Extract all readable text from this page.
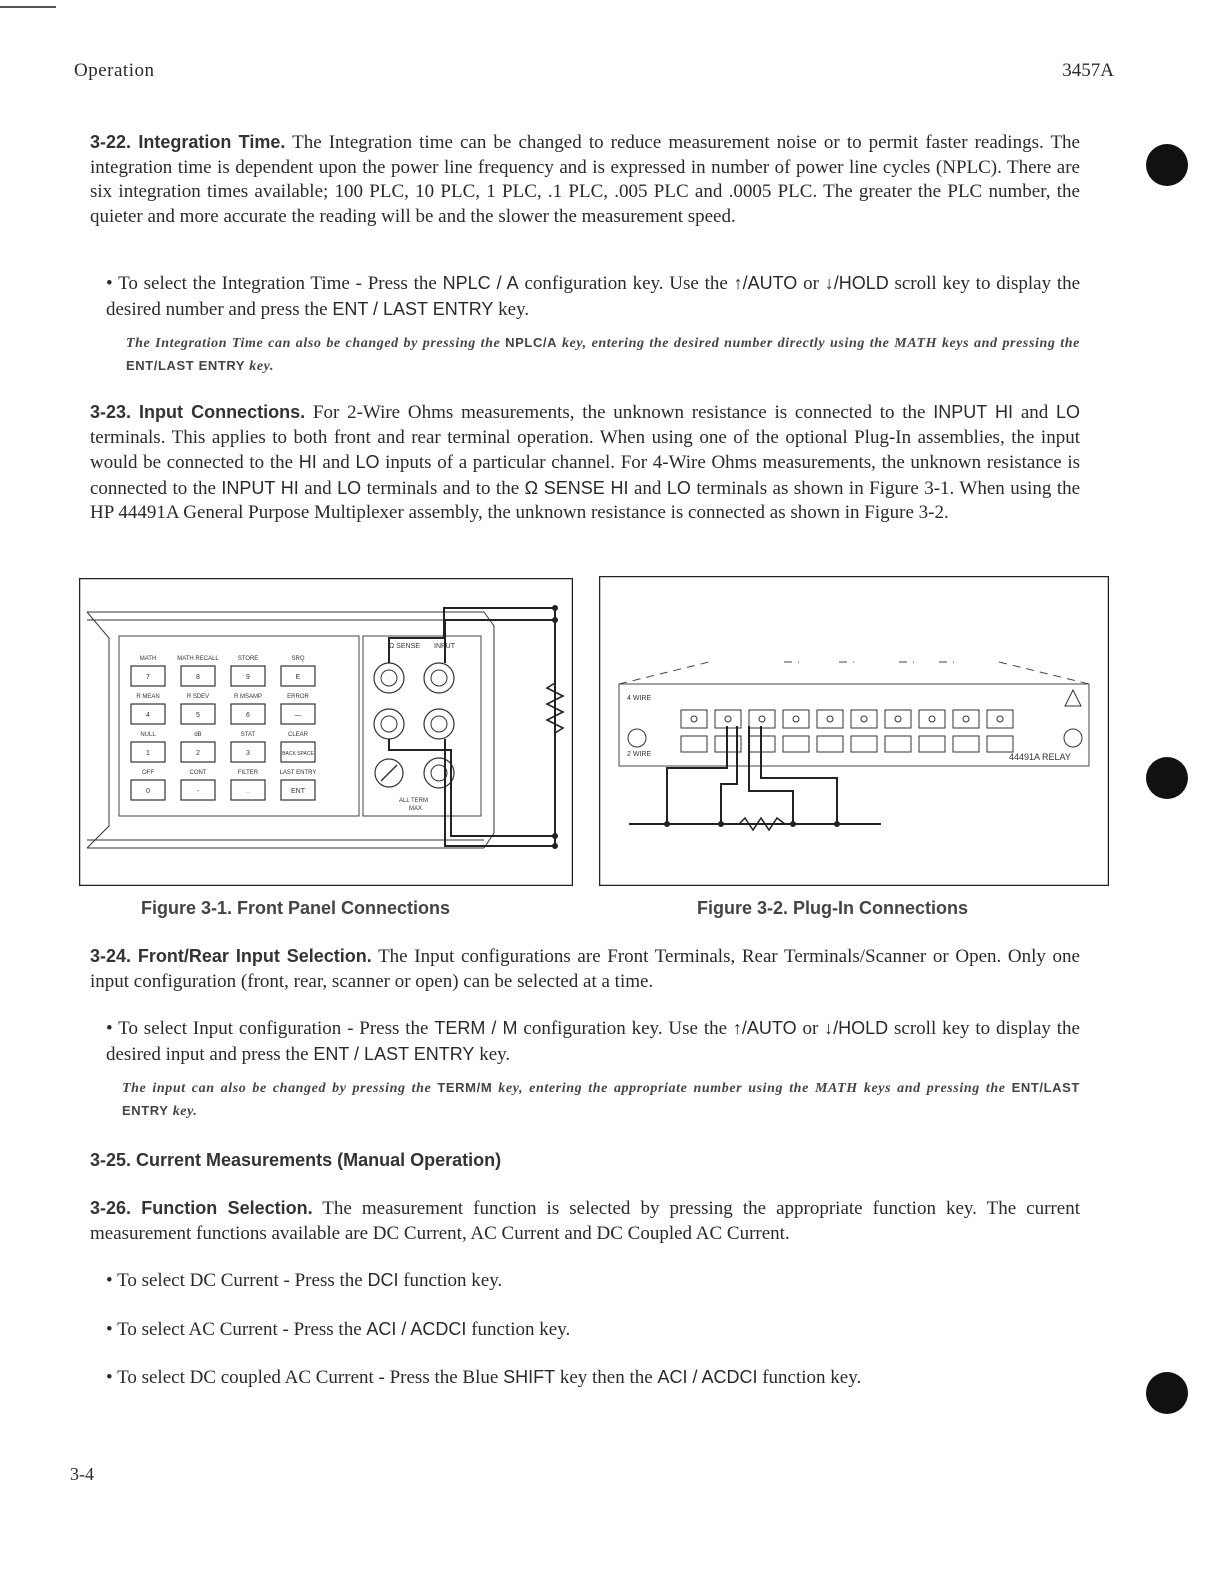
Operation	3457A
3-22. Integration Time. The Integration time can be changed to reduce measurement noise or to permit faster readings. The integration time is dependent upon the power line frequency and is expressed in number of power line cycles (NPLC). There are six integration times available; 100 PLC, 10 PLC, 1 PLC, .1 PLC, .005 PLC and .0005 PLC. The greater the PLC number, the quieter and more accurate the reading will be and the slower the measurement speed.
• To select the Integration Time - Press the NPLC / A configuration key. Use the ↑/AUTO or ↓/HOLD scroll key to display the desired number and press the ENT / LAST ENTRY key.
The Integration Time can also be changed by pressing the NPLC/A key, entering the desired number directly using the MATH keys and pressing the ENT/LAST ENTRY key.
3-23. Input Connections. For 2-Wire Ohms measurements, the unknown resistance is connected to the INPUT HI and LO terminals. This applies to both front and rear terminal operation. When using one of the optional Plug-In assemblies, the input would be connected to the HI and LO inputs of a particular channel. For 4-Wire Ohms measurements, the unknown resistance is connected to the INPUT HI and LO terminals and to the Ω SENSE HI and LO terminals as shown in Figure 3-1. When using the HP 44491A General Purpose Multiplexer assembly, the unknown resistance is connected as shown in Figure 3-2.
MATH
7
MATH RECALL
8
STORE
9
SRQ
E
R MEAN
4
R SDEV
5
R MSAMP
6
ERROR
—
NULL
1
dB
2
STAT
3
CLEAR
BACK SPACE
OFF
0
CONT
-
FILTER
.
LAST ENTRY
ENT
Ω SENSE INPUT
ALL TERM
MAX
Figure 3-1. Front Panel Connections
4 WIRE
2 WIRE	44491A RELAY
Figure 3-2. Plug-In Connections
3-24. Front/Rear Input Selection. The Input configurations are Front Terminals, Rear Terminals/Scanner or Open. Only one input configuration (front, rear, scanner or open) can be selected at a time.
• To select Input configuration - Press the TERM / M configuration key. Use the ↑/AUTO or ↓/HOLD scroll key to display the desired input and press the ENT / LAST ENTRY key.
The input can also be changed by pressing the TERM/M key, entering the appropriate number using the MATH keys and pressing the ENT/LAST ENTRY key.
3-25. Current Measurements (Manual Operation)
3-26. Function Selection. The measurement function is selected by pressing the appropriate function key. The current measurement functions available are DC Current, AC Current and DC Coupled AC Current.
• To select DC Current - Press the DCI function key.
• To select AC Current - Press the ACI / ACDCI function key.
• To select DC coupled AC Current - Press the Blue SHIFT key then the ACI / ACDCI function key.
3-4
